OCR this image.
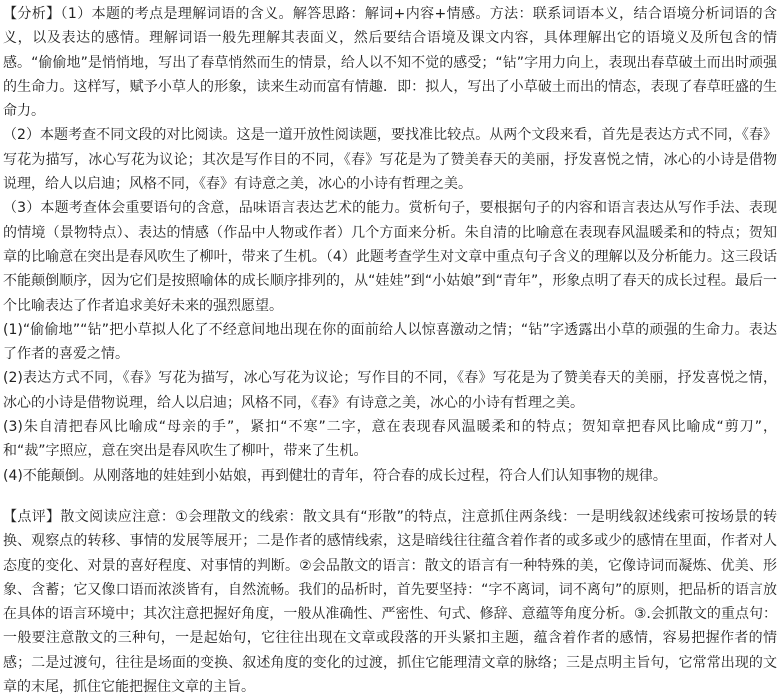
【分析】（1）本题的考点是理解词语的含义。解答思路：解词+内容+情感。方法：联系词语本义，结合语境分析词语的含义，以及表达的感情。理解词语一般先理解其表面义，然后要结合语境及课文内容，具体理解出它的语境义及所包含的情感。“偷偷地”是悄悄地，写出了春草悄然而生的情景，给人以不知不觉的感受；“钻”字用力向上，表现出春草破土而出时顽强的生命力。这样写，赋予小草人的形象，读来生动而富有情趣．即：拟人，写出了小草破土而出的情态，表现了春草旺盛的生命力。

（2）本题考查不同文段的对比阅读。这是一道开放性阅读题，要找准比较点。从两个文段来看，首先是表达方式不同，《春》写花为描写，冰心写花为议论；其次是写作目的不同，《春》写花是为了赞美春天的美丽，抒发喜悦之情，冰心的小诗是借物说理，给人以启迪；风格不同，《春》有诗意之美，冰心的小诗有哲理之美。

（3）本题考查体会重要语句的含意，品味语言表达艺术的能力。赏析句子，要根据句子的内容和语言表达从写作手法、表现的情境（景物特点）、表达的情感（作品中人物或作者）几个方面来分析。朱自清的比喻意在表现春风温暖柔和的特点；贺知章的比喻意在突出是春风吹生了柳叶，带来了生机。（4）此题考查学生对文章中重点句子含义的理解以及分析能力。这三段话不能颠倒顺序，因为它们是按照喻体的成长顺序排列的，从“娃娃”到“小姑娘”到“青年”，形象点明了春天的成长过程。最后一个比喻表达了作者追求美好未来的强烈愿望。

(1)“偷偷地”“钻”把小草拟人化了不经意间地出现在你的面前给人以惊喜激动之情；“钻”字透露出小草的顽强的生命力。表达了作者的喜爱之情。

(2)表达方式不同，《春》写花为描写，冰心写花为议论；写作目的不同，《春》写花是为了赞美春天的美丽，抒发喜悦之情，冰心的小诗是借物说理，给人以启迪；风格不同，《春》有诗意之美，冰心的小诗有哲理之美。

(3)朱自清把春风比喻成“母亲的手”，紧扣“不寒”二字，意在表现春风温暖柔和的特点；贺知章把春风比喻成“剪刀”，和“裁”字照应，意在突出是春风吹生了柳叶，带来了生机。

(4)不能颠倒。从刚落地的娃娃到小姑娘，再到健壮的青年，符合春的成长过程，符合人们认知事物的规律。

【点评】散文阅读应注意：①会理散文的线索：散文具有“形散”的特点，注意抓住两条线：一是明线叙述线索可按场景的转换、观察点的转移、事情的发展等展开；二是作者的感情线索，这是暗线往往蕴含着作者的或多或少的感情在里面，作者对人态度的变化、对景的喜好程度、对事情的判断。②会品散文的语言：散文的语言有一种特殊的美，它像诗词而凝炼、优美、形象、含蓄；它又像口语而浓淡皆有，自然流畅。我们的品析时，首先要坚持：“字不离词，词不离句”的原则，把品析的语言放在具体的语言环境中；其次注意把握好角度，一般从准确性、严密性、句式、修辞、意蕴等角度分析。③.会抓散文的重点句：一般要注意散文的三种句，一是起始句，它往往出现在文章或段落的开头紧扣主题，蕴含着作者的感情，容易把握作者的情感；二是过渡句，往往是场面的变换、叙述角度的变化的过渡，抓住它能理清文章的脉络；三是点明主旨句，它常常出现的文章的末尾，抓住它能把握住文章的主旨。
